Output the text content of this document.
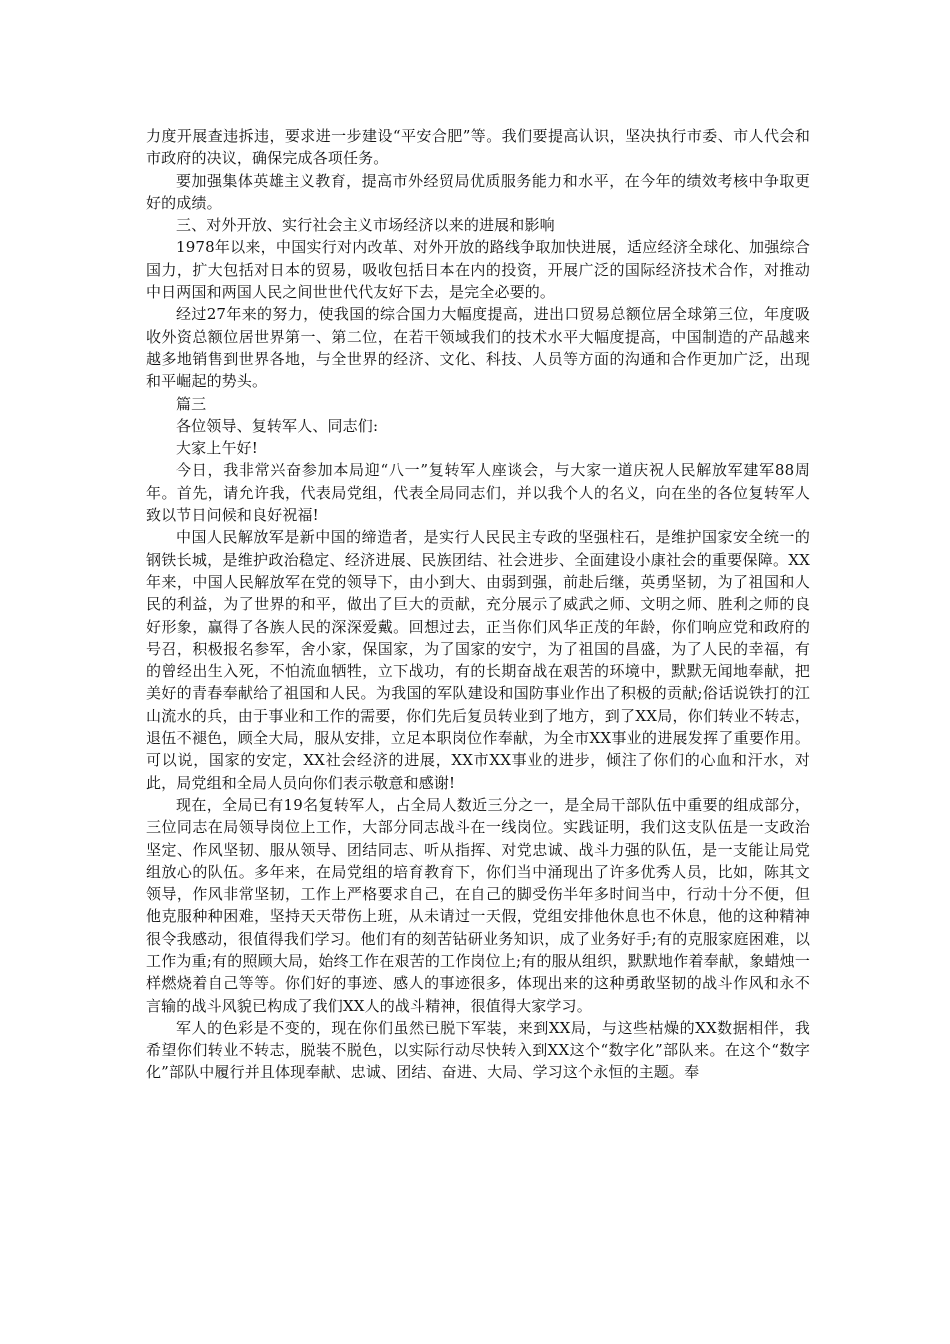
力度开展查违拆违，要求进一步建设“平安合肥”等。我们要提高认识，坚决执行市委、市人代会和市政府的决议，确保完成各项任务。

要加强集体英雄主义教育，提高市外经贸局优质服务能力和水平，在今年的绩效考核中争取更好的成绩。

三、对外开放、实行社会主义市场经济以来的进展和影响

1978年以来，中国实行对内改革、对外开放的路线争取加快进展，适应经济全球化、加强综合国力，扩大包括对日本的贸易，吸收包括日本在内的投资，开展广泛的国际经济技术合作，对推动中日两国和两国人民之间世世代代友好下去，是完全必要的。

经过27年来的努力，使我国的综合国力大幅度提高，进出口贸易总额位居全球第三位，年度吸收外资总额位居世界第一、第二位，在若干领域我们的技术水平大幅度提高，中国制造的产品越来越多地销售到世界各地，与全世界的经济、文化、科技、人员等方面的沟通和合作更加广泛，出现和平崛起的势头。

篇三

各位领导、复转军人、同志们:

大家上午好!

今日，我非常兴奋参加本局迎“八一”复转军人座谈会，与大家一道庆祝人民解放军建军88周年。首先，请允许我，代表局党组，代表全局同志们，并以我个人的名义，向在坐的各位复转军人致以节日问候和良好祝福!

中国人民解放军是新中国的缔造者，是实行人民民主专政的坚强柱石，是维护国家安全统一的钢铁长城，是维护政治稳定、经济进展、民族团结、社会进步、全面建设小康社会的重要保障。XX年来，中国人民解放军在党的领导下，由小到大、由弱到强，前赴后继，英勇坚韧，为了祖国和人民的利益，为了世界的和平，做出了巨大的贡献，充分展示了威武之师、文明之师、胜利之师的良好形象，赢得了各族人民的深深爱戴。回想过去，正当你们风华正茂的年龄，你们响应党和政府的号召，积极报名参军，舍小家，保国家，为了国家的安宁，为了祖国的昌盛，为了人民的幸福，有的曾经出生入死，不怕流血牺牲，立下战功，有的长期奋战在艰苦的环境中，默默无闻地奉献，把美好的青春奉献给了祖国和人民。为我国的军队建设和国防事业作出了积极的贡献;俗话说铁打的江山流水的兵，由于事业和工作的需要，你们先后复员转业到了地方，到了XX局，你们转业不转志，退伍不褪色，顾全大局，服从安排，立足本职岗位作奉献，为全市XX事业的进展发挥了重要作用。可以说，国家的安定，XX社会经济的进展，XX市XX事业的进步，倾注了你们的心血和汗水，对此，局党组和全局人员向你们表示敬意和感谢!

现在，全局已有19名复转军人，占全局人数近三分之一，是全局干部队伍中重要的组成部分，三位同志在局领导岗位上工作，大部分同志战斗在一线岗位。实践证明，我们这支队伍是一支政治坚定、作风坚韧、服从领导、团结同志、听从指挥、对党忠诚、战斗力强的队伍，是一支能让局党组放心的队伍。多年来，在局党组的培育教育下，你们当中涌现出了许多优秀人员，比如，陈其文领导，作风非常坚韧，工作上严格要求自己，在自己的脚受伤半年多时间当中，行动十分不便，但他克服种种困难，坚持天天带伤上班，从未请过一天假，党组安排他休息也不休息，他的这种精神很令我感动，很值得我们学习。他们有的刻苦钻研业务知识，成了业务好手;有的克服家庭困难，以工作为重;有的照顾大局，始终工作在艰苦的工作岗位上;有的服从组织，默默地作着奉献，象蜡烛一样燃烧着自己等等。你们好的事迹、感人的事迹很多，体现出来的这种勇敢坚韧的战斗作风和永不言输的战斗风貌已构成了我们XX人的战斗精神，很值得大家学习。

军人的色彩是不变的，现在你们虽然已脱下军装，来到XX局，与这些枯燥的XX数据相伴，我希望你们转业不转志，脱装不脱色，以实际行动尽快转入到XX这个“数字化”部队来。在这个“数字化”部队中履行并且体现奉献、忠诚、团结、奋进、大局、学习这个永恒的主题。奉
